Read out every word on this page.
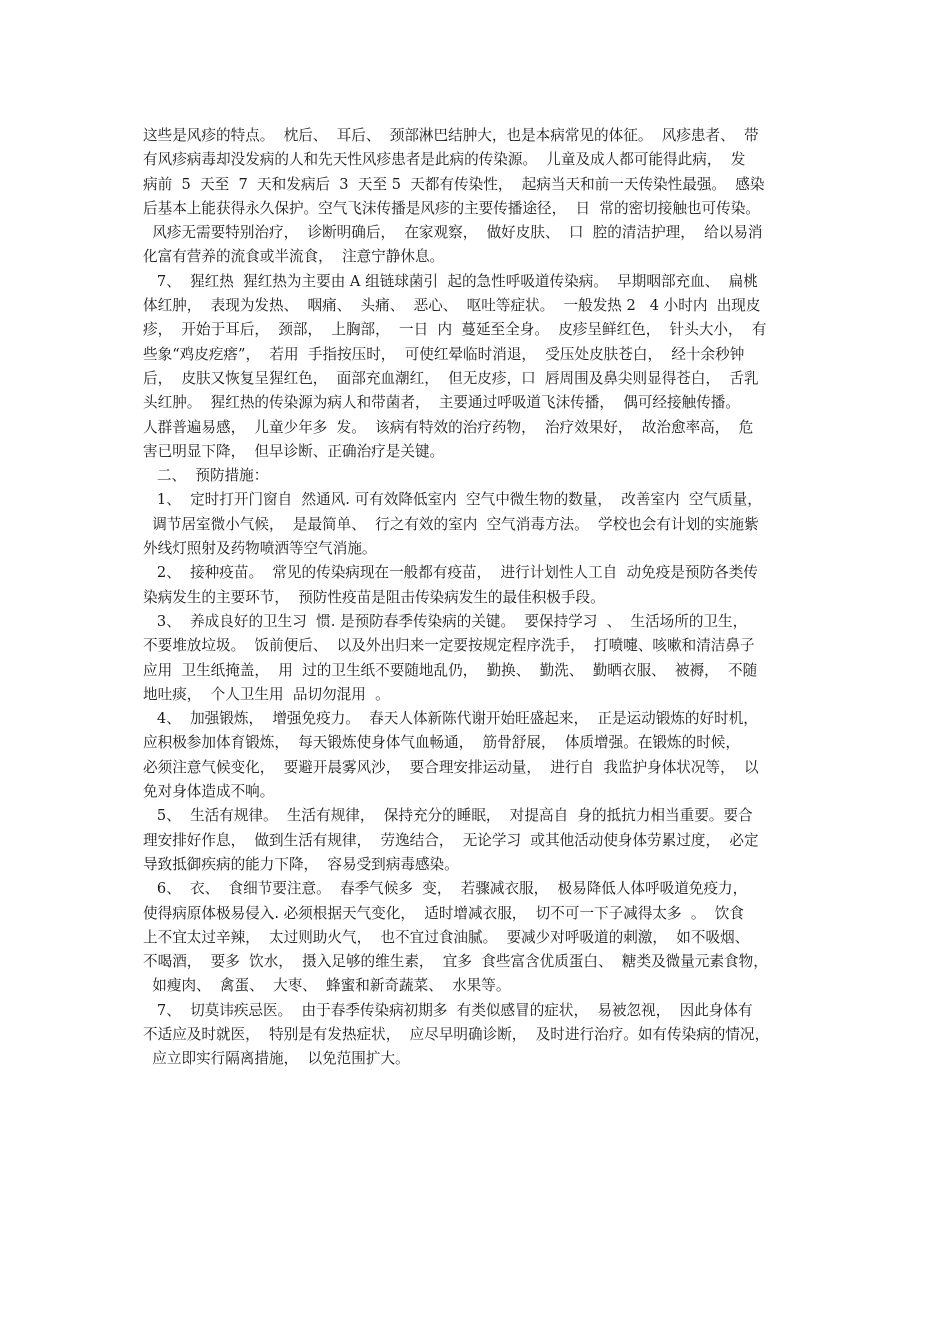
这些是风疹的特点。  枕后、  耳后、  颈部淋巴结肿大，也是本病常见的体征。  风疹患者、  带
有风疹病毒却没发病的人和先天性风疹患者是此病的传染源。  儿童及成人都可能得此病，  发
病前  5  天至  7  天和发病后  3  天至 5  天都有传染性，  起病当天和前一天传染性最强。  感染
后基本上能获得永久保护。空气飞沫传播是风疹的主要传播途径，  日  常的密切接触也可传染。
风疹无需要特别治疗，  诊断明确后，  在家观察，  做好皮肤、  口  腔的清洁护理，  给以易消
化富有营养的流食或半流食，  注意宁静休息。
7、  猩红热  猩红热为主要由 A 组链球菌引  起的急性呼吸道传染病。  早期咽部充血、  扁桃
体红肿，  表现为发热、  咽痛、  头痛、  恶心、  呕吐等症状。  一般发热 2   4 小时内  出现皮
疹，  开始于耳后，  颈部，  上胸部，  一日  内  蔓延至全身。  皮疹呈鲜红色，  针头大小，  有
些象“鸡皮疙瘩”，  若用  手指按压时，  可使红晕临时消退，  受压处皮肤苍白，  经十余秒钟
后，  皮肤又恢复呈猩红色，  面部充血潮红，  但无皮疹，口  唇周围及鼻尖则显得苍白，  舌乳
头红肿。  猩红热的传染源为病人和带菌者，  主要通过呼吸道飞沫传播，  偶可经接触传播。
人群普遍易感，  儿童少年多  发。  该病有特效的治疗药物，  治疗效果好，  故治愈率高，  危
害已明显下降，  但早诊断、正确治疗是关键。
二、  预防措施：
1、  定时打开门窗自  然通风. 可有效降低室内  空气中微生物的数量，  改善室内  空气质量，
调节居室微小气候，  是最简单、  行之有效的室内  空气消毒方法。  学校也会有计划的实施紫
外线灯照射及药物喷洒等空气消施。
2、  接种疫苗。  常见的传染病现在一般都有疫苗，  进行计划性人工自  动免疫是预防各类传
染病发生的主要环节，  预防性疫苗是阻击传染病发生的最佳积极手段。
3、  养成良好的卫生习  惯. 是预防春季传染病的关键。  要保持学习  、  生活场所的卫生，
不要堆放垃圾。  饭前便后、  以及外出归来一定要按规定程序洗手，  打喷嚏、咳嗽和清洁鼻子
应用  卫生纸掩盖，  用  过的卫生纸不要随地乱仍，  勤换、  勤洗、  勤晒衣服、  被褥，  不随
地吐痰，  个人卫生用  品切勿混用  。
4、  加强锻炼，  增强免疫力。  春天人体新陈代谢开始旺盛起来，  正是运动锻炼的好时机，
应积极参加体育锻炼，  每天锻炼使身体气血畅通，  筋骨舒展，  体质增强。在锻炼的时候，
必须注意气候变化，  要避开晨雾风沙，  要合理安排运动量，  进行自  我监护身体状况等，  以
免对身体造成不响。
5、  生活有规律。  生活有规律，  保持充分的睡眠，  对提高自  身的抵抗力相当重要。要合
理安排好作息，  做到生活有规律，  劳逸结合，  无论学习  或其他活动使身体劳累过度，  必定
导致抵御疾病的能力下降，  容易受到病毒感染。
6、  衣、  食细节要注意。  春季气候多  变，  若骤减衣服，  极易降低人体呼吸道免疫力，
使得病原体极易侵入. 必须根据天气变化，  适时增减衣服，  切不可一下子减得太多  。  饮食
上不宜太过辛辣，  太过则助火气，  也不宜过食油腻。  要减少对呼吸道的刺激，  如不吸烟、
不喝酒，  要多  饮水，  摄入足够的维生素，  宜多  食些富含优质蛋白、  糖类及微量元素食物，
如瘦肉、  禽蛋、  大枣、  蜂蜜和新奇蔬菜、  水果等。
7、  切莫讳疾忌医。  由于春季传染病初期多  有类似感冒的症状，  易被忽视，  因此身体有
不适应及时就医，  特别是有发热症状，  应尽早明确诊断，  及时进行治疗。如有传染病的情况，
应立即实行隔离措施，  以免范围扩大。
